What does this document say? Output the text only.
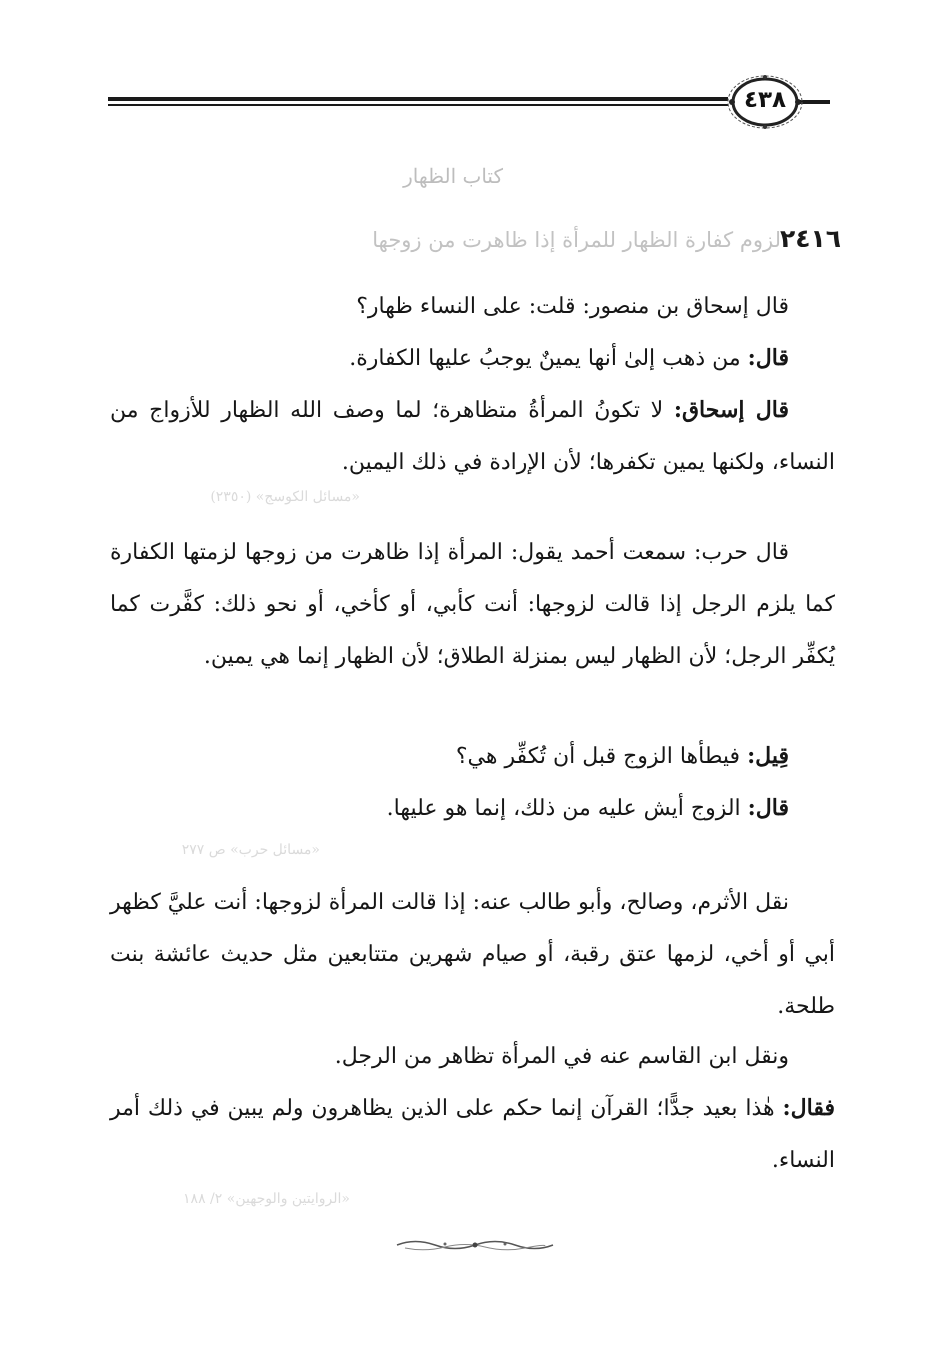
٤٣٨
كتاب الظهار
٢٤١٦
لزوم كفارة الظهار للمرأة إذا ظاهرت من زوجها
قال إسحاق بن منصور: قلت: على النساء ظهار؟
قال: من ذهب إلىٰ أنها يمينٌ يوجبُ عليها الكفارة.
قال إسحاق: لا تكونُ المرأةُ متظاهرة؛ لما وصف الله الظهار للأزواج من النساء، ولكنها يمين تكفرها؛ لأن الإرادة في ذلك اليمين.
«مسائل الكوسج» (٢٣٥٠)
قال حرب: سمعت أحمد يقول: المرأة إذا ظاهرت من زوجها لزمتها الكفارة كما يلزم الرجل إذا قالت لزوجها: أنت كأبي، أو كأخي، أو نحو ذلك: كفَّرت كما يُكفِّر الرجل؛ لأن الظهار ليس بمنزلة الطلاق؛ لأن الظهار إنما هي يمين.
قِيل: فيطأها الزوج قبل أن تُكفِّر هي؟
قال: الزوج أيش عليه من ذلك، إنما هو عليها.
«مسائل حرب» ص ٢٧٧
نقل الأثرم، وصالح، وأبو طالب عنه: إذا قالت المرأة لزوجها: أنت عليَّ كظهر أبي أو أخي، لزمها عتق رقبة، أو صيام شهرين متتابعين مثل حديث عائشة بنت طلحة.
ونقل ابن القاسم عنه في المرأة تظاهر من الرجل.
فقال: هٰذا بعيد جدًّا؛ القرآن إنما حكم على الذين يظاهرون ولم يبين في ذلك أمر النساء.
«الروايتين والوجهين» ٢/ ١٨٨
